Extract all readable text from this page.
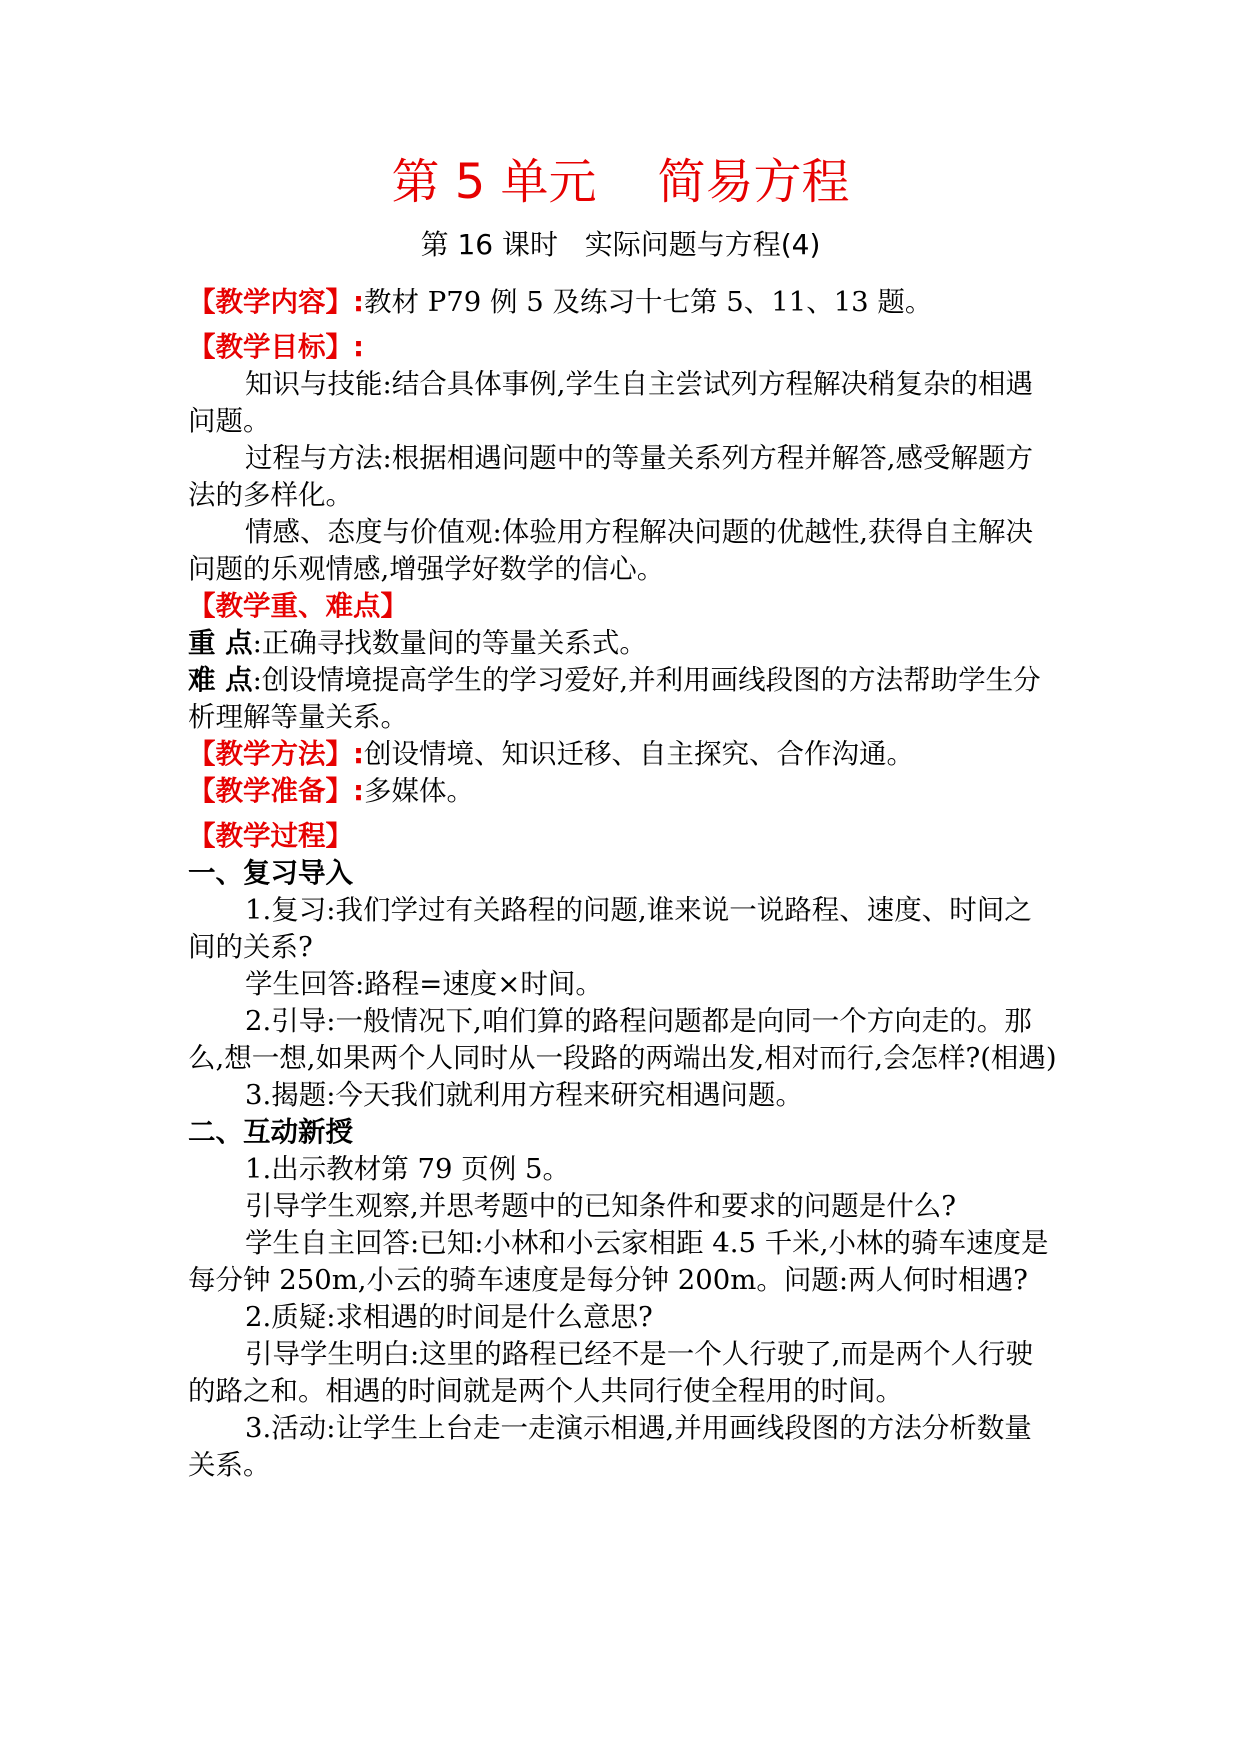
第 5 单元    简易方程
第 16 课时   实际问题与方程(4)

【教学内容】:教材 P79 例 5 及练习十七第 5、11、13 题。

【教学目标】:

知识与技能:结合具体事例,学生自主尝试列方程解决稍复杂的相遇问题。

过程与方法:根据相遇问题中的等量关系列方程并解答,感受解题方法的多样化。

情感、态度与价值观:体验用方程解决问题的优越性,获得自主解决问题的乐观情感,增强学好数学的信心。

【教学重、难点】

重 点:正确寻找数量间的等量关系式。

难 点:创设情境提高学生的学习爱好,并利用画线段图的方法帮助学生分析理解等量关系。

【教学方法】:创设情境、知识迁移、自主探究、合作沟通。

【教学准备】:多媒体。

【教学过程】

一、复习导入

1.复习:我们学过有关路程的问题,谁来说一说路程、速度、时间之间的关系?

学生回答:路程=速度×时间。

2.引导:一般情况下,咱们算的路程问题都是向同一个方向走的。那么,想一想,如果两个人同时从一段路的两端出发,相对而行,会怎样?(相遇)

3.揭题:今天我们就利用方程来研究相遇问题。

二、互动新授

1.出示教材第 79 页例 5。

引导学生观察,并思考题中的已知条件和要求的问题是什么?

学生自主回答:已知:小林和小云家相距 4.5 千米,小林的骑车速度是每分钟 250m,小云的骑车速度是每分钟 200m。问题:两人何时相遇?

2.质疑:求相遇的时间是什么意思?

引导学生明白:这里的路程已经不是一个人行驶了,而是两个人行驶的路之和。相遇的时间就是两个人共同行使全程用的时间。

3.活动:让学生上台走一走演示相遇,并用画线段图的方法分析数量关系。
